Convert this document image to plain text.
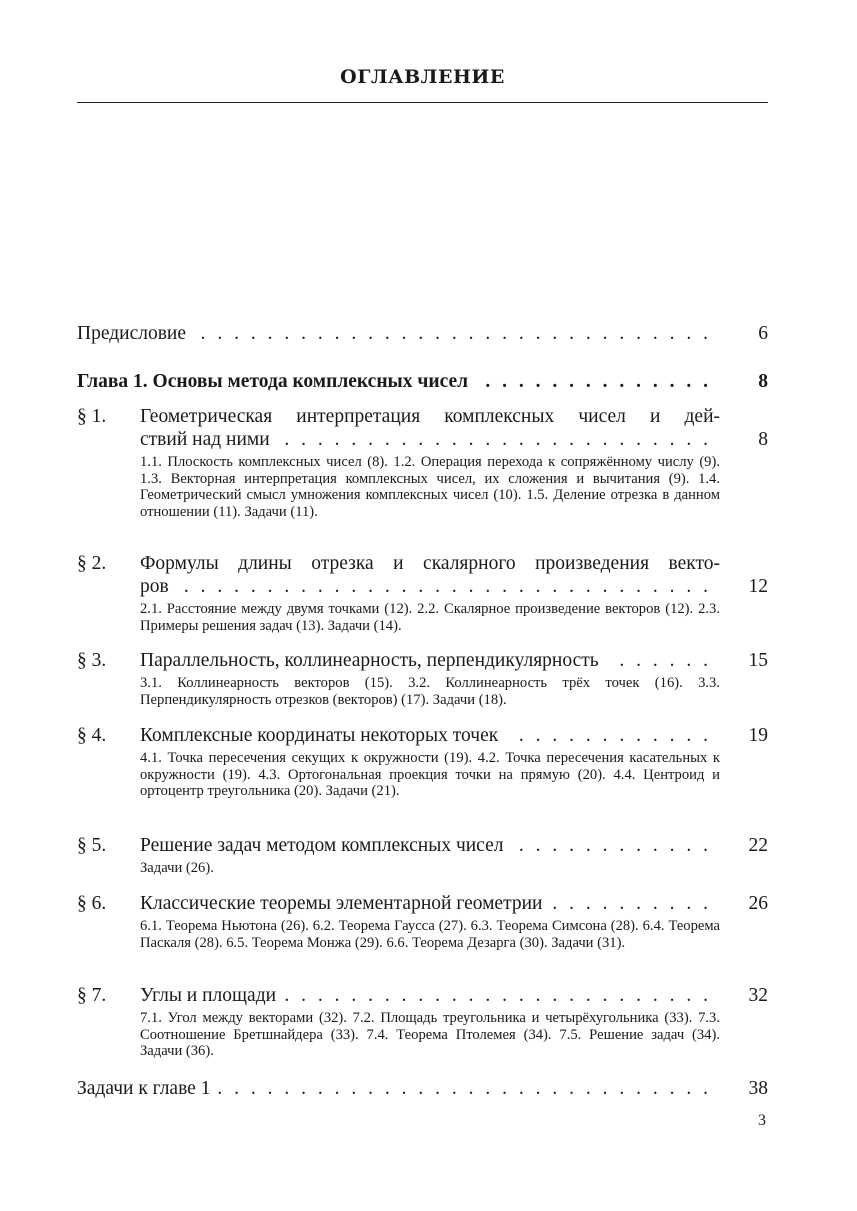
ОГЛАВЛЕНИЕ
Предисловие . . .	6
Глава 1. Основы метода комплексных чисел . . .	8
§ 1.	Геометрическая интерпретация комплексных чисел и дей-
ствий над ними . . .	8
1.1. Плоскость комплексных чисел (8). 1.2. Операция перехода к сопряжённому числу (9). 1.3. Векторная интерпретация комплексных чисел, их сложения и вычитания (9). 1.4. Геометрический смысл умножения комплексных чисел (10). 1.5. Деление отрезка в данном отношении (11). Задачи (11).
§ 2.	Формулы длины отрезка и скалярного произведения векто-
ров . . .	12
2.1. Расстояние между двумя точками (12). 2.2. Скалярное произведение векторов (12). 2.3. Примеры решения задач (13). Задачи (14).
§ 3.	Параллельность, коллинеарность, перпендикулярность . . .	15
3.1. Коллинеарность векторов (15). 3.2. Коллинеарность трёх точек (16). 3.3. Перпендикулярность отрезков (векторов) (17). Задачи (18).
§ 4.	Комплексные координаты некоторых точек . . .	19
4.1. Точка пересечения секущих к окружности (19). 4.2. Точка пересечения касательных к окружности (19). 4.3. Ортогональная проекция точки на прямую (20). 4.4. Центроид и ортоцентр треугольника (20). Задачи (21).
§ 5.	Решение задач методом комплексных чисел . . .	22
Задачи (26).
§ 6.	Классические теоремы элементарной геометрии . . .	26
6.1. Теорема Ньютона (26). 6.2. Теорема Гаусса (27). 6.3. Теорема Симсона (28). 6.4. Теорема Паскаля (28). 6.5. Теорема Монжа (29). 6.6. Теорема Дезарга (30). Задачи (31).
§ 7.	Углы и площади . . .	32
7.1. Угол между векторами (32). 7.2. Площадь треугольника и четырёхугольника (33). 7.3. Соотношение Бретшнайдера (33). 7.4. Теорема Птолемея (34). 7.5. Решение задач (34). Задачи (36).
Задачи к главе 1 . . .	38
3
